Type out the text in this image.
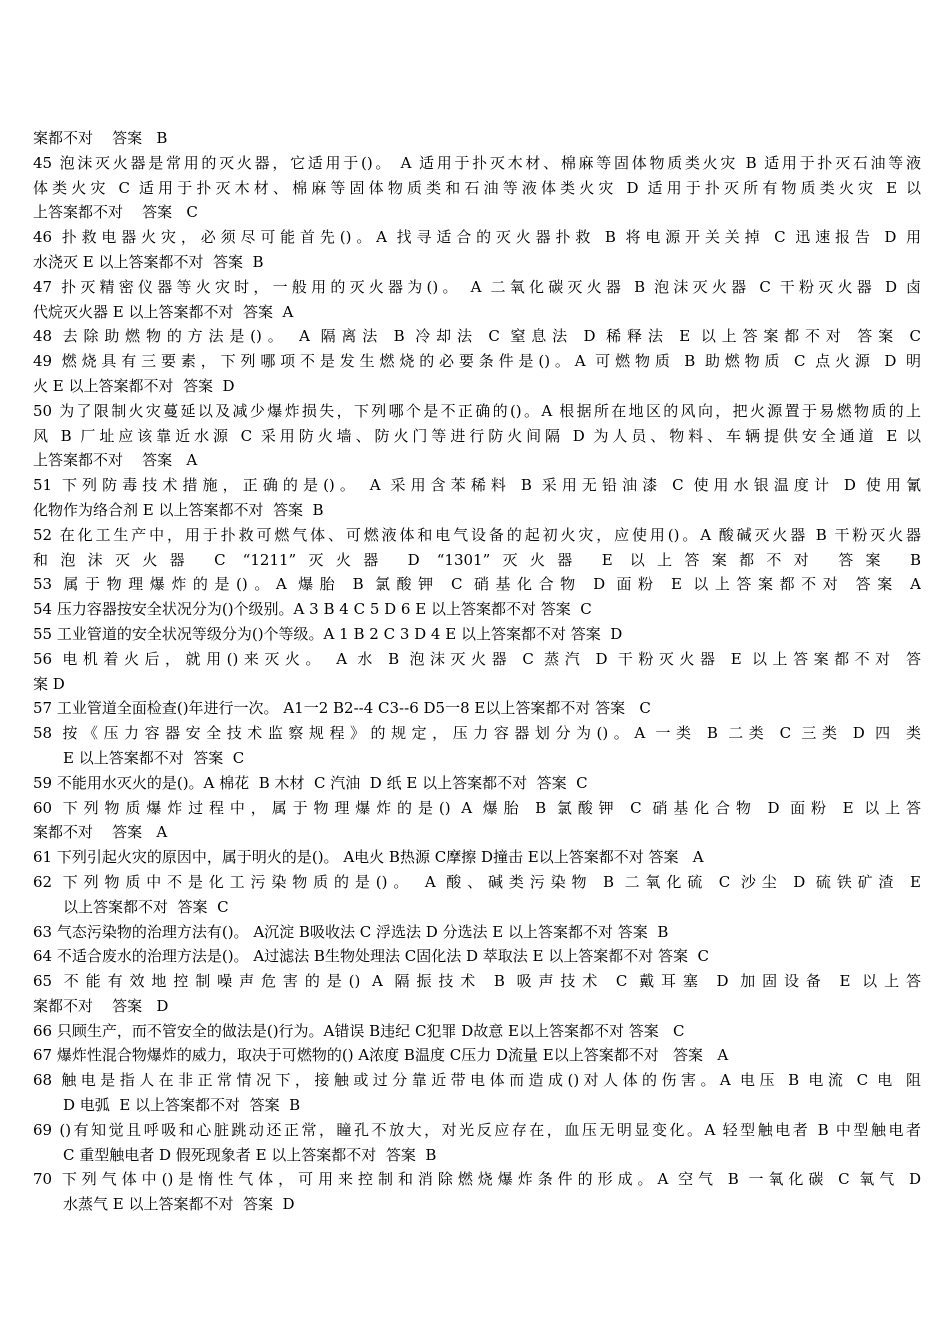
案都不对    答案   B
45 泡沫灭火器是常用的灭火器，它适用于()。 A 适用于扑灭木材、棉麻等固体物质类火灾 B 适用于扑灭石油等液
体类火灾 C 适用于扑灭木材、棉麻等固体物质类和石油等液体类火灾 D 适用于扑灭所有物质类火灾 E 以
上答案都不对    答案   C
46 扑救电器火灾，必须尽可能首先()。A 找寻适合的灭火器扑救 B 将电源开关关掉 C 迅速报告 D 用
水浇灭 E 以上答案都不对  答案  B
47 扑灭精密仪器等火灾时，一般用的灭火器为()。 A 二氧化碳灭火器 B 泡沫灭火器 C 干粉灭火器 D 卤
代烷灭火器 E 以上答案都不对  答案  A
48 去除助燃物的方法是()。 A 隔离法 B 冷却法 C 窒息法 D 稀释法 E 以上答案都不对 答案 C
49 燃烧具有三要素，下列哪项不是发生燃烧的必要条件是()。A 可燃物质 B 助燃物质 C 点火源 D 明
火 E 以上答案都不对  答案  D
50 为了限制火灾蔓延以及减少爆炸损失，下列哪个是不正确的()。A 根据所在地区的风向，把火源置于易燃物质的上
风 B 厂址应该靠近水源 C 采用防火墙、防火门等进行防火间隔 D 为人员、物料、车辆提供安全通道 E 以
上答案都不对    答案   A
51 下列防毒技术措施，正确的是()。 A 采用含苯稀料 B 采用无铅油漆 C 使用水银温度计 D 使用氰
化物作为络合剂 E 以上答案都不对  答案  B
52 在化工生产中，用于扑救可燃气体、可燃液体和电气设备的起初火灾，应使用()。A 酸碱灭火器 B 干粉灭火器
和泡沫灭火器 C “1211”灭火器 D “1301”灭火器 E 以上答案都不对 答案 B
53 属于物理爆炸的是()。A 爆胎 B 氯酸钾 C 硝基化合物 D 面粉 E 以上答案都不对 答案 A
54 压力容器按安全状况分为()个级别。A 3 B 4 C 5 D 6 E 以上答案都不对 答案  C
55 工业管道的安全状况等级分为()个等级。A 1 B 2 C 3 D 4 E 以上答案都不对 答案  D
56 电机着火后，就用()来灭火。 A 水 B 泡沫灭火器 C 蒸汽 D 干粉灭火器 E 以上答案都不对 答
案 D
57 工业管道全面检查()年进行一次。 A1一2 B2--4 C3--6 D5一8 E以上答案都不对 答案   C
58 按《压力容器安全技术监察规程》的规定，压力容器划分为()。A 一类 B 二类 C 三类 D 四 类
E 以上答案都不对  答案  C
59 不能用水灭火的是()。A 棉花  B 木材  C 汽油  D 纸 E 以上答案都不对  答案  C
60 下列物质爆炸过程中，属于物理爆炸的是() A 爆胎 B 氯酸钾 C 硝基化合物 D 面粉 E 以上答
案都不对    答案   A
61 下列引起火灾的原因中，属于明火的是()。 A电火 B热源 C摩擦 D撞击 E以上答案都不对 答案   A
62 下列物质中不是化工污染物质的是()。 A 酸、碱类污染物 B 二氧化硫 C 沙尘 D 硫铁矿渣 E
以上答案都不对  答案  C
63 气态污染物的治理方法有()。 A沉淀 B吸收法 C 浮选法 D 分选法 E 以上答案都不对 答案  B
64 不适合废水的治理方法是()。 A过滤法 B生物处理法 C固化法 D 萃取法 E 以上答案都不对 答案  C
65 不能有效地控制噪声危害的是() A 隔振技术 B 吸声技术 C 戴耳塞 D 加固设备 E 以上答
案都不对    答案   D
66 只顾生产，而不管安全的做法是()行为。A错误 B违纪 C犯罪 D故意 E以上答案都不对 答案   C
67 爆炸性混合物爆炸的威力，取决于可燃物的() A浓度 B温度 C压力 D流量 E以上答案都不对   答案   A
68 触电是指人在非正常情况下，接触或过分靠近带电体而造成()对人体的伤害。A 电压 B 电流 C 电 阻
D 电弧  E 以上答案都不对  答案  B
69 ()有知觉且呼吸和心脏跳动还正常，瞳孔不放大，对光反应存在，血压无明显变化。A 轻型触电者 B 中型触电者
C 重型触电者 D 假死现象者 E 以上答案都不对  答案  B
70 下列气体中()是惰性气体，可用来控制和消除燃烧爆炸条件的形成。A 空气 B 一氧化碳 C 氧气 D
水蒸气 E 以上答案都不对  答案  D
